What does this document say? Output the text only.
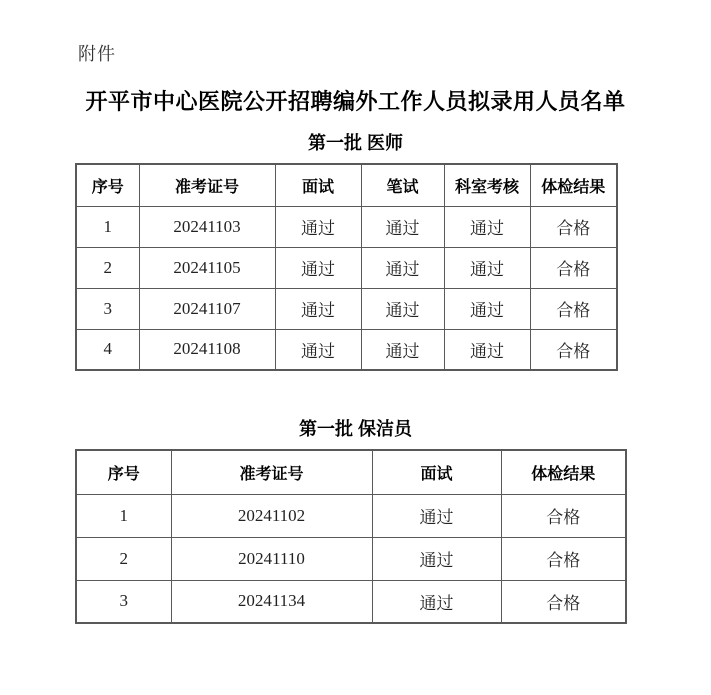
附件
开平市中心医院公开招聘编外工作人员拟录用人员名单
第一批 医师
序号	准考证号	面试	笔试	科室考核	体检结果
1	20241103	通过	通过	通过	合格
2	20241105	通过	通过	通过	合格
3	20241107	通过	通过	通过	合格
4	20241108	通过	通过	通过	合格
第一批 保洁员
序号	准考证号	面试	体检结果
1	20241102	通过	合格
2	20241110	通过	合格
3	20241134	通过	合格
